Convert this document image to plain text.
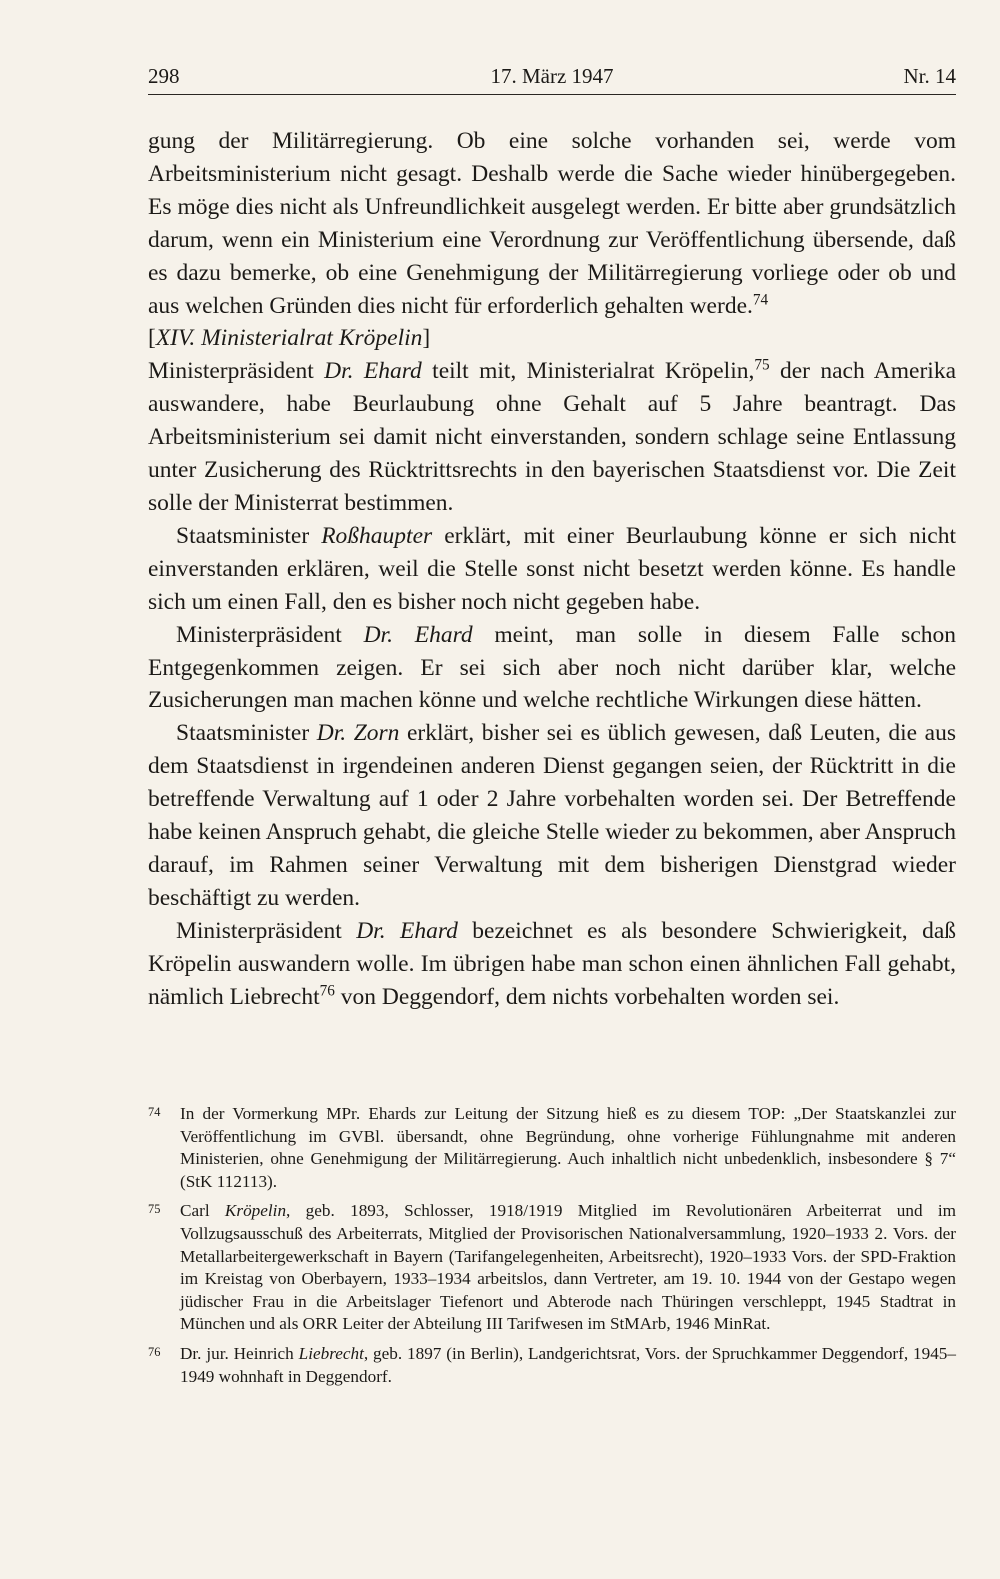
298	17. März 1947	Nr. 14

gung der Militärregierung. Ob eine solche vorhanden sei, werde vom Arbeitsministerium nicht gesagt. Deshalb werde die Sache wieder hinübergegeben. Es möge dies nicht als Unfreundlichkeit ausgelegt werden. Er bitte aber grundsätzlich darum, wenn ein Ministerium eine Verordnung zur Veröffentlichung übersende, daß es dazu bemerke, ob eine Genehmigung der Militärregierung vorliege oder ob und aus welchen Gründen dies nicht für erforderlich gehalten werde.$^{74}$

[XIV. Ministerialrat Kröpelin]

Ministerpräsident Dr. Ehard teilt mit, Ministerialrat Kröpelin,$^{75}$ der nach Amerika auswandere, habe Beurlaubung ohne Gehalt auf 5 Jahre beantragt. Das Arbeitsministerium sei damit nicht einverstanden, sondern schlage seine Entlassung unter Zusicherung des Rücktrittsrechts in den bayerischen Staatsdienst vor. Die Zeit solle der Ministerrat bestimmen.

Staatsminister Roßhaupter erklärt, mit einer Beurlaubung könne er sich nicht einverstanden erklären, weil die Stelle sonst nicht besetzt werden könne. Es handle sich um einen Fall, den es bisher noch nicht gegeben habe.

Ministerpräsident Dr. Ehard meint, man solle in diesem Falle schon Entgegenkommen zeigen. Er sei sich aber noch nicht darüber klar, welche Zusicherungen man machen könne und welche rechtliche Wirkungen diese hätten.

Staatsminister Dr. Zorn erklärt, bisher sei es üblich gewesen, daß Leuten, die aus dem Staatsdienst in irgendeinen anderen Dienst gegangen seien, der Rücktritt in die betreffende Verwaltung auf 1 oder 2 Jahre vorbehalten worden sei. Der Betreffende habe keinen Anspruch gehabt, die gleiche Stelle wieder zu bekommen, aber Anspruch darauf, im Rahmen seiner Verwaltung mit dem bisherigen Dienstgrad wieder beschäftigt zu werden.

Ministerpräsident Dr. Ehard bezeichnet es als besondere Schwierigkeit, daß Kröpelin auswandern wolle. Im übrigen habe man schon einen ähnlichen Fall gehabt, nämlich Liebrecht$^{76}$ von Deggendorf, dem nichts vorbehalten worden sei.

74 In der Vormerkung MPr. Ehards zur Leitung der Sitzung hieß es zu diesem TOP: „Der Staatskanzlei zur Veröffentlichung im GVBl. übersandt, ohne Begründung, ohne vorherige Fühlungnahme mit anderen Ministerien, ohne Genehmigung der Militärregierung. Auch inhaltlich nicht unbedenklich, insbesondere § 7“ (StK 112113).
75 Carl Kröpelin, geb. 1893, Schlosser, 1918/1919 Mitglied im Revolutionären Arbeiterrat und im Vollzugsausschuß des Arbeiterrats, Mitglied der Provisorischen Nationalversammlung, 1920–1933 2. Vors. der Metallarbeitergewerkschaft in Bayern (Tarifangelegenheiten, Arbeitsrecht), 1920–1933 Vors. der SPD-Fraktion im Kreistag von Oberbayern, 1933–1934 arbeitslos, dann Vertreter, am 19. 10. 1944 von der Gestapo wegen jüdischer Frau in die Arbeitslager Tiefenort und Abterode nach Thüringen verschleppt, 1945 Stadtrat in München und als ORR Leiter der Abteilung III Tarifwesen im StMArb, 1946 MinRat.
76 Dr. jur. Heinrich Liebrecht, geb. 1897 (in Berlin), Landgerichtsrat, Vors. der Spruchkammer Deggendorf, 1945–1949 wohnhaft in Deggendorf.
